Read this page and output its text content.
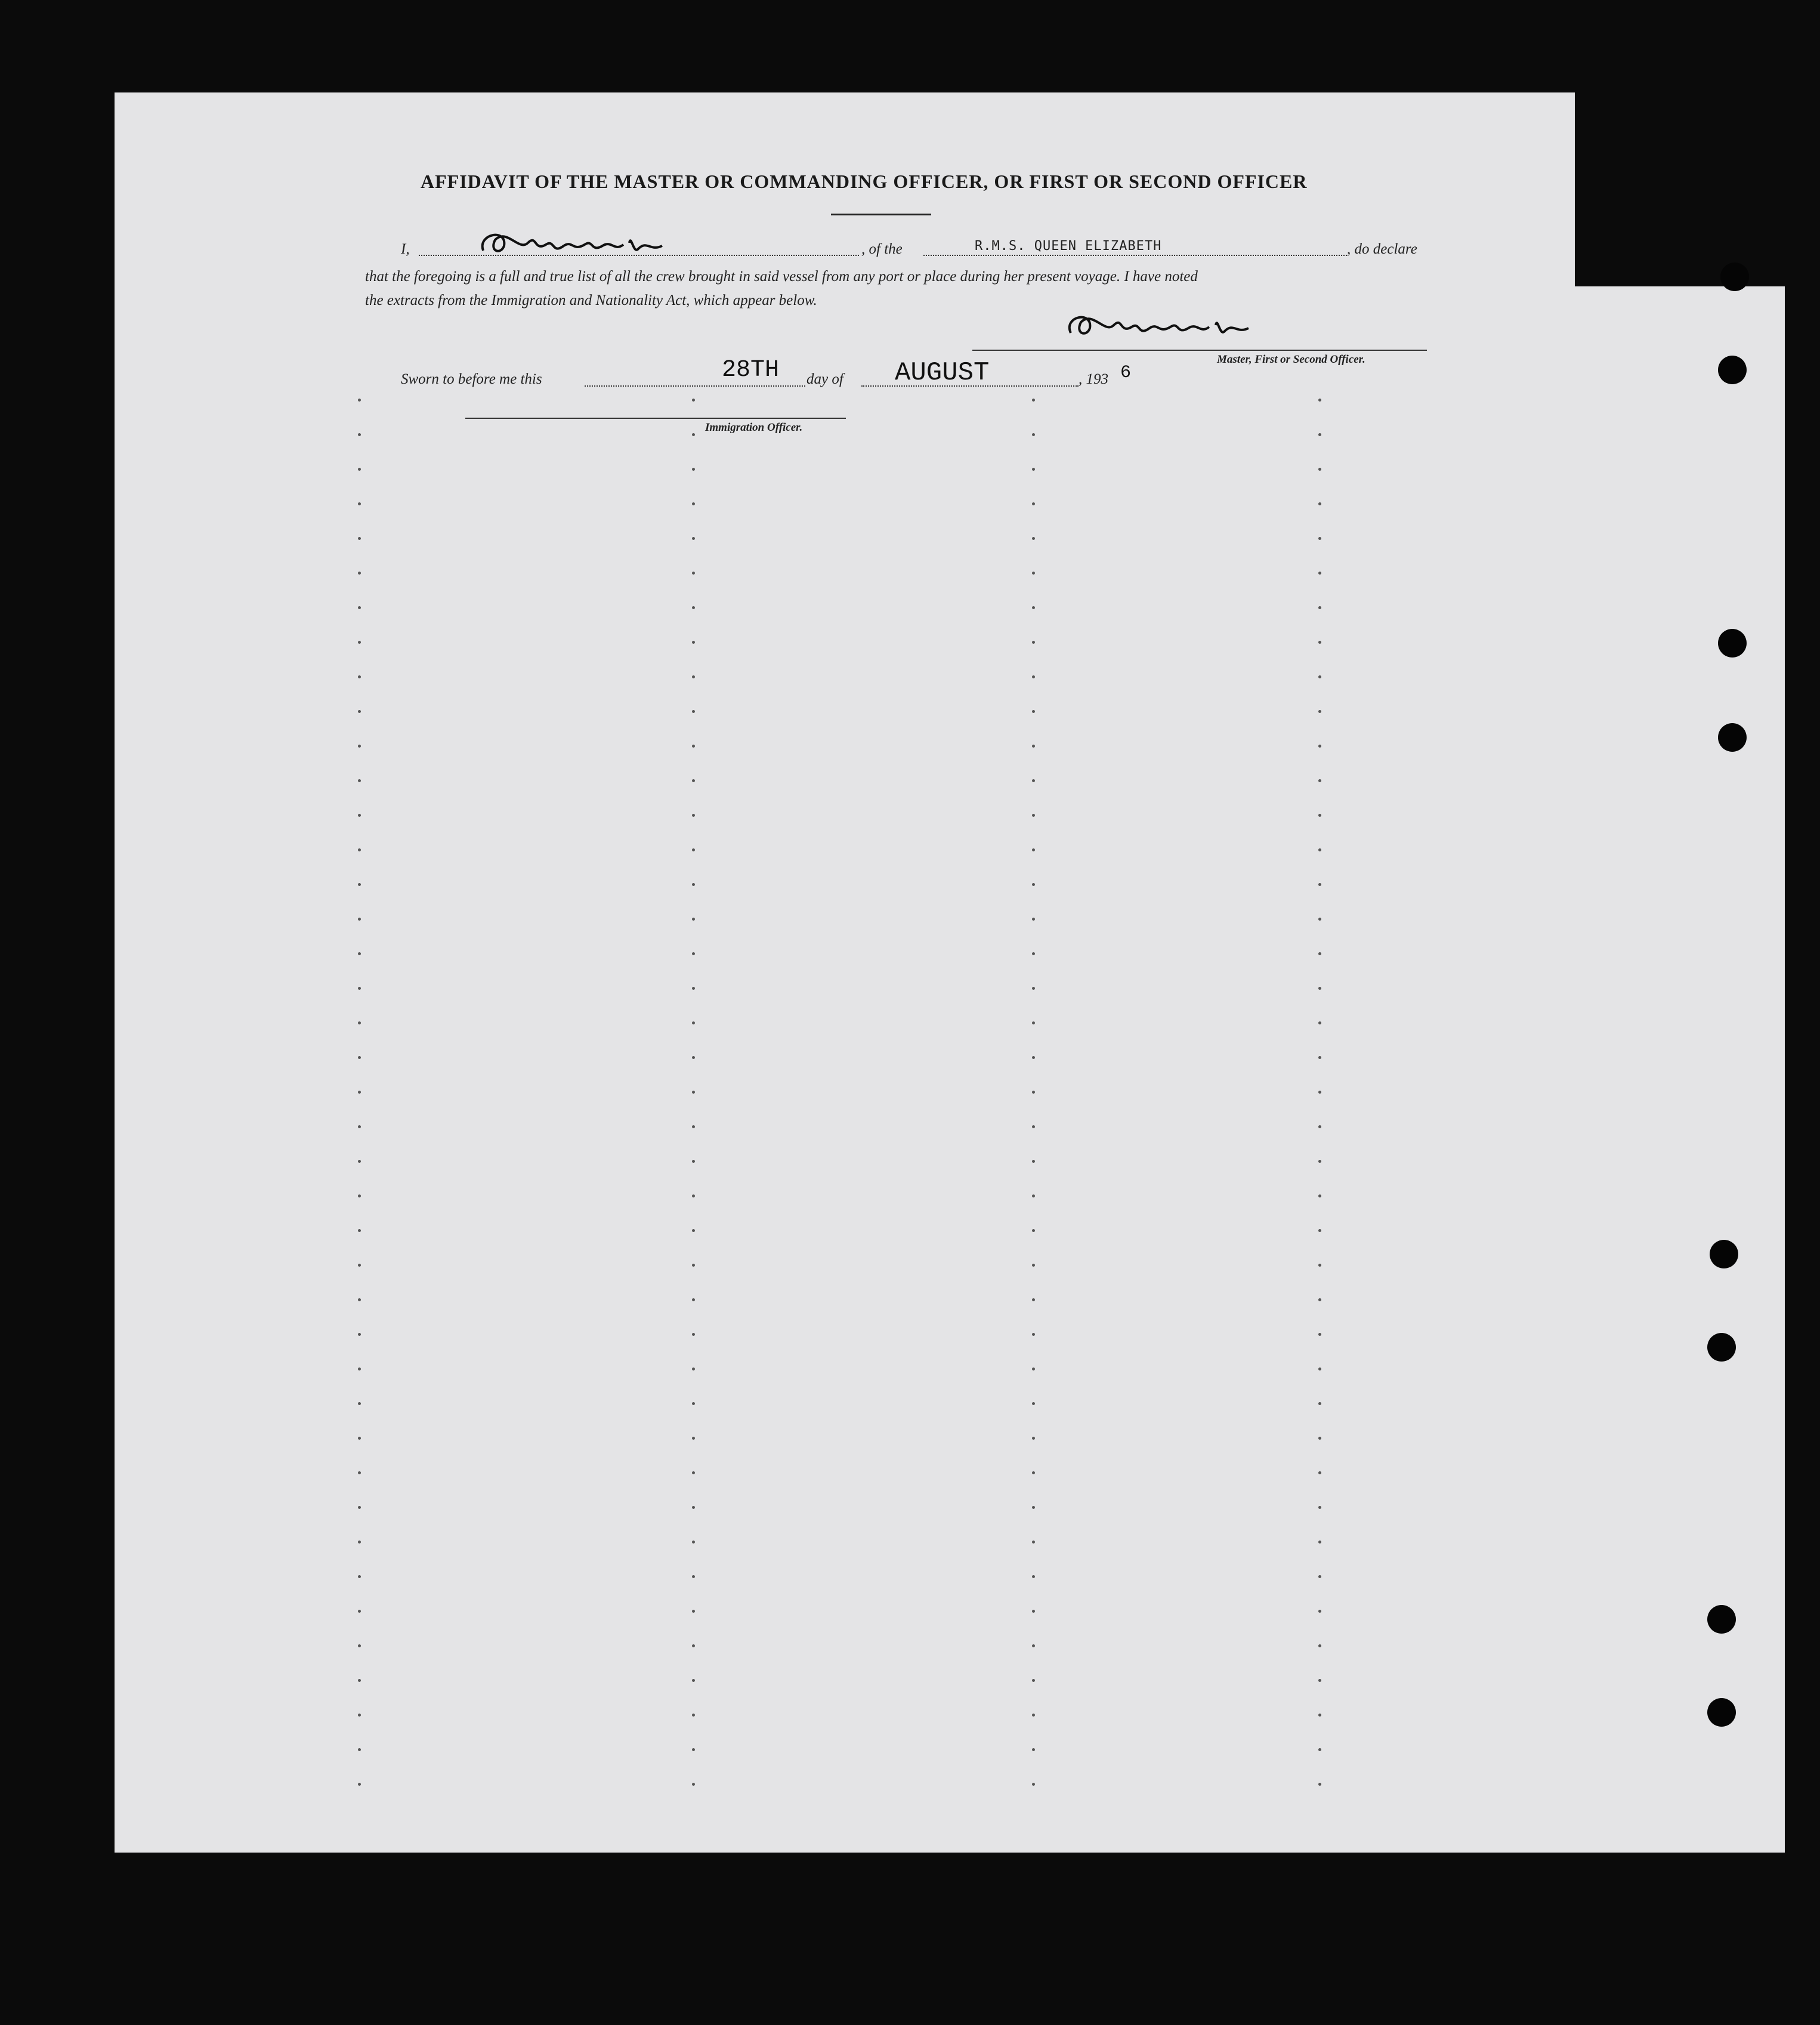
AFFIDAVIT OF THE MASTER OR COMMANDING OFFICER, OR FIRST OR SECOND OFFICER
I,	, of the	R.M.S. QUEEN ELIZABETH	, do declare
that the foregoing is a full and true list of all the crew brought in said vessel from any port or place during her present voyage. I have noted
the extracts from the Immigration and Nationality Act, which appear below.
Master, First or Second Officer.
Sworn to before me this	28TH day of AUGUST	, 193 6
Immigration Officer.
